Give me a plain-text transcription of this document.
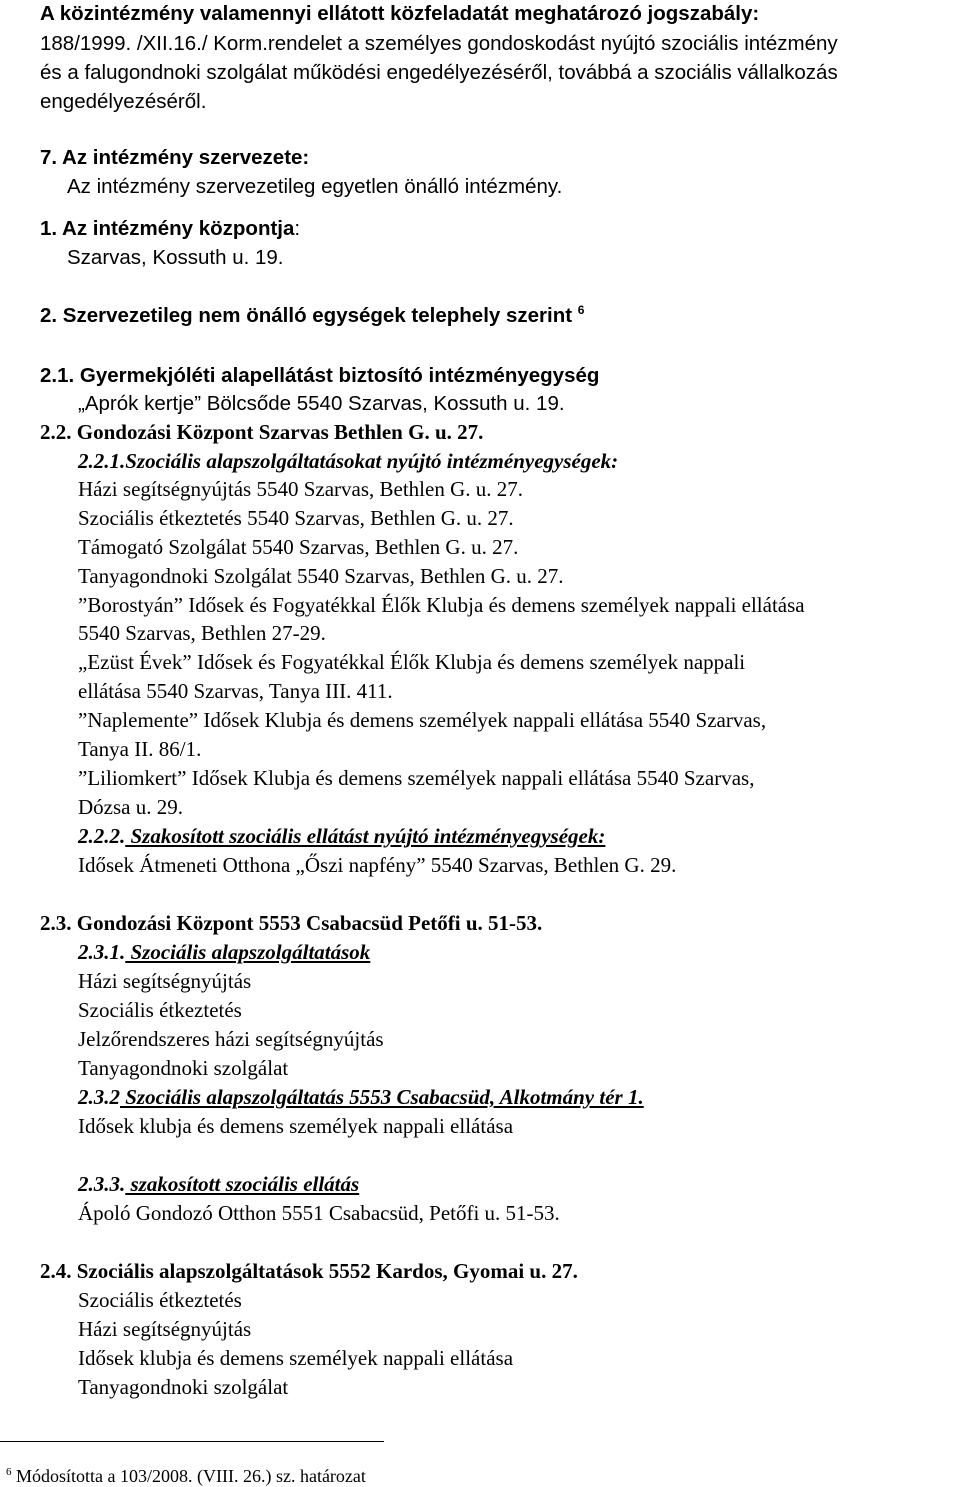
A közintézmény valamennyi ellátott közfeladatát meghatározó jogszabály:

188/1999. /XII.16./ Korm.rendelet a személyes gondoskodást nyújtó szociális intézmény

és a falugondnoki szolgálat működési engedélyezéséről, továbbá a szociális vállalkozás

engedélyezéséről.

7. Az intézmény szervezete:

Az intézmény szervezetileg egyetlen önálló intézmény.

1. Az intézmény központja:

Szarvas, Kossuth u. 19.

2. Szervezetileg nem önálló egységek telephely szerint $^6$

2.1. Gyermekjóléti alapellátást biztosító intézményegység

„Aprók kertje” Bölcsőde 5540 Szarvas, Kossuth u. 19.

2.2. Gondozási Központ Szarvas Bethlen G. u. 27.

2.2.1.Szociális alapszolgáltatásokat nyújtó intézményegységek:

Házi segítségnyújtás 5540 Szarvas, Bethlen G. u. 27.

Szociális étkeztetés 5540 Szarvas, Bethlen G. u. 27.

Támogató Szolgálat 5540 Szarvas, Bethlen G. u. 27.

Tanyagondnoki Szolgálat 5540 Szarvas, Bethlen G. u. 27.

”Borostyán” Idősek és Fogyatékkal Élők Klubja és demens személyek nappali ellátása

5540 Szarvas, Bethlen 27-29.

„Ezüst Évek” Idősek és Fogyatékkal Élők Klubja és demens személyek nappali

ellátása 5540 Szarvas, Tanya III. 411.

”Naplemente” Idősek Klubja és demens személyek nappali ellátása 5540 Szarvas,

Tanya II. 86/1.

”Liliomkert” Idősek Klubja és demens személyek nappali ellátása 5540 Szarvas,

Dózsa u. 29.

2.2.2. Szakosított szociális ellátást nyújtó intézményegységek:

Idősek Átmeneti Otthona „Őszi napfény” 5540 Szarvas, Bethlen G. 29.

2.3. Gondozási Központ 5553 Csabacsüd Petőfi u. 51-53.

2.3.1. Szociális alapszolgáltatások

Házi segítségnyújtás

Szociális étkeztetés

Jelzőrendszeres házi segítségnyújtás

Tanyagondnoki szolgálat

2.3.2 Szociális alapszolgáltatás 5553 Csabacsüd, Alkotmány tér 1.

Idősek klubja és demens személyek nappali ellátása

2.3.3. szakosított szociális ellátás

Ápoló Gondozó Otthon 5551 Csabacsüd, Petőfi u. 51-53.

2.4. Szociális alapszolgáltatások 5552 Kardos, Gyomai u. 27.

Szociális étkeztetés

Házi segítségnyújtás

Idősek klubja és demens személyek nappali ellátása

Tanyagondnoki szolgálat

$^6$ Módosította a 103/2008. (VIII. 26.) sz. határozat
